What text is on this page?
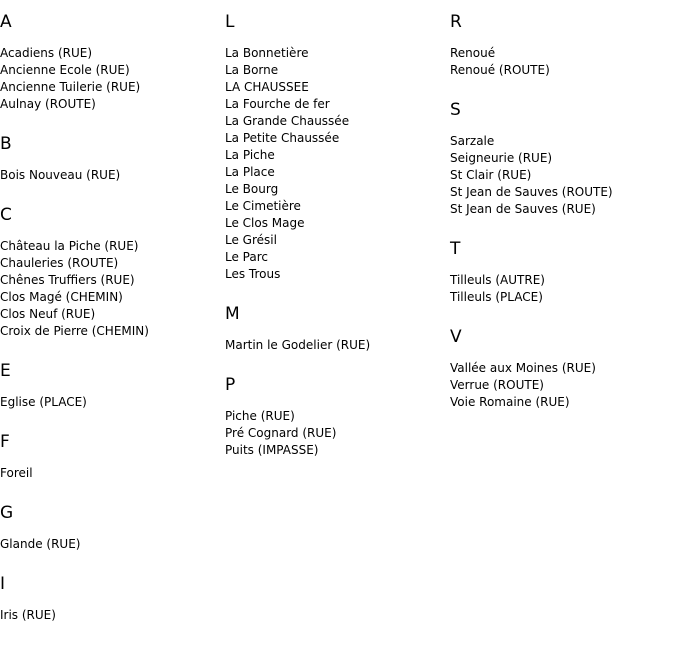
A
Acadiens (RUE)
Ancienne Ecole (RUE)
Ancienne Tuilerie (RUE)
Aulnay (ROUTE)
B
Bois Nouveau (RUE)
C
Château la Piche (RUE)
Chauleries (ROUTE)
Chênes Truffiers (RUE)
Clos Magé (CHEMIN)
Clos Neuf (RUE)
Croix de Pierre (CHEMIN)
E
Eglise (PLACE)
F
Foreil
G
Glande (RUE)
I
Iris (RUE)
L
La Bonnetière
La Borne
LA CHAUSSEE
La Fourche de fer
La Grande Chaussée
La Petite Chaussée
La Piche
La Place
Le Bourg
Le Cimetière
Le Clos Mage
Le Grésil
Le Parc
Les Trous
M
Martin le Godelier (RUE)
P
Piche (RUE)
Pré Cognard (RUE)
Puits (IMPASSE)
R
Renoué
Renoué (ROUTE)
S
Sarzale
Seigneurie (RUE)
St Clair (RUE)
St Jean de Sauves (ROUTE)
St Jean de Sauves (RUE)
T
Tilleuls (AUTRE)
Tilleuls (PLACE)
V
Vallée aux Moines (RUE)
Verrue (ROUTE)
Voie Romaine (RUE)
